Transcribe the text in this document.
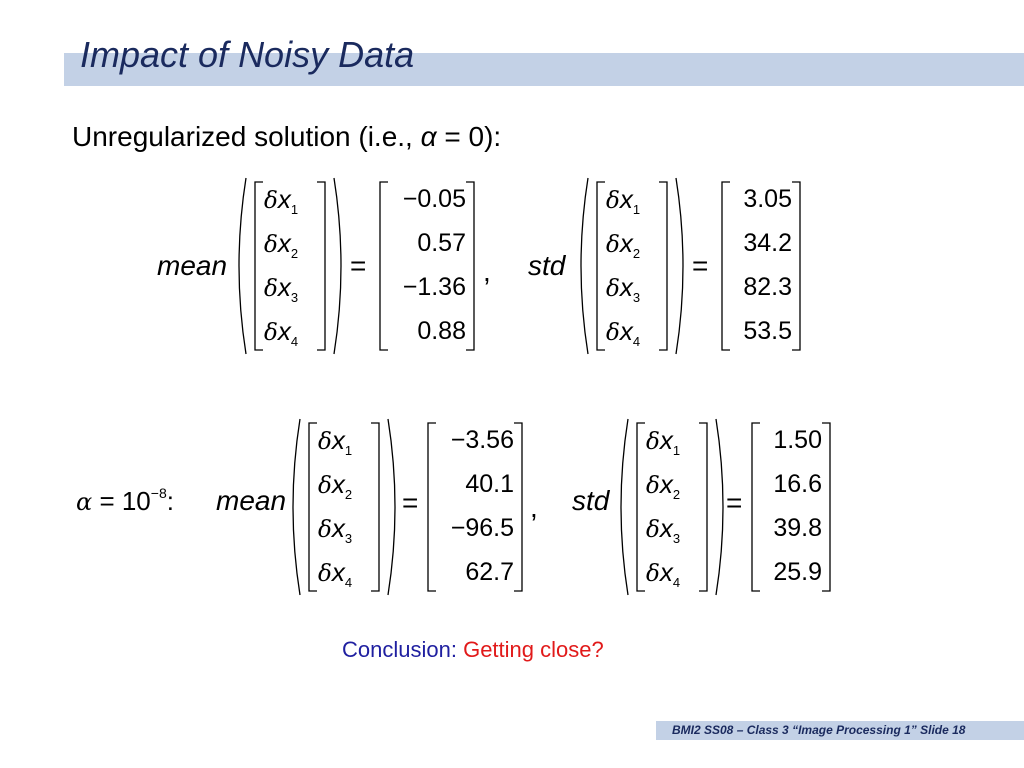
Impact of Noisy Data
Unregularized solution (i.e., α = 0):
mean
$\delta x_1$
$\delta x_2$
$\delta x_3$
$\delta x_4$
=
−0.05
0.57
−1.36
0.88
, std
$\delta x_1$
$\delta x_2$
$\delta x_3$
$\delta x_4$
=
3.05
34.2
82.3
53.5
$\alpha = 10^{-8}$: mean
$\delta x_1$
$\delta x_2$
$\delta x_3$
$\delta x_4$
=
−3.56
40.1
−96.5
62.7
, std
$\delta x_1$
$\delta x_2$
$\delta x_3$
$\delta x_4$
=
1.50
16.6
39.8
25.9
Conclusion: Getting close?
BMI2 SS08 – Class 3 “Image Processing 1” Slide 18
